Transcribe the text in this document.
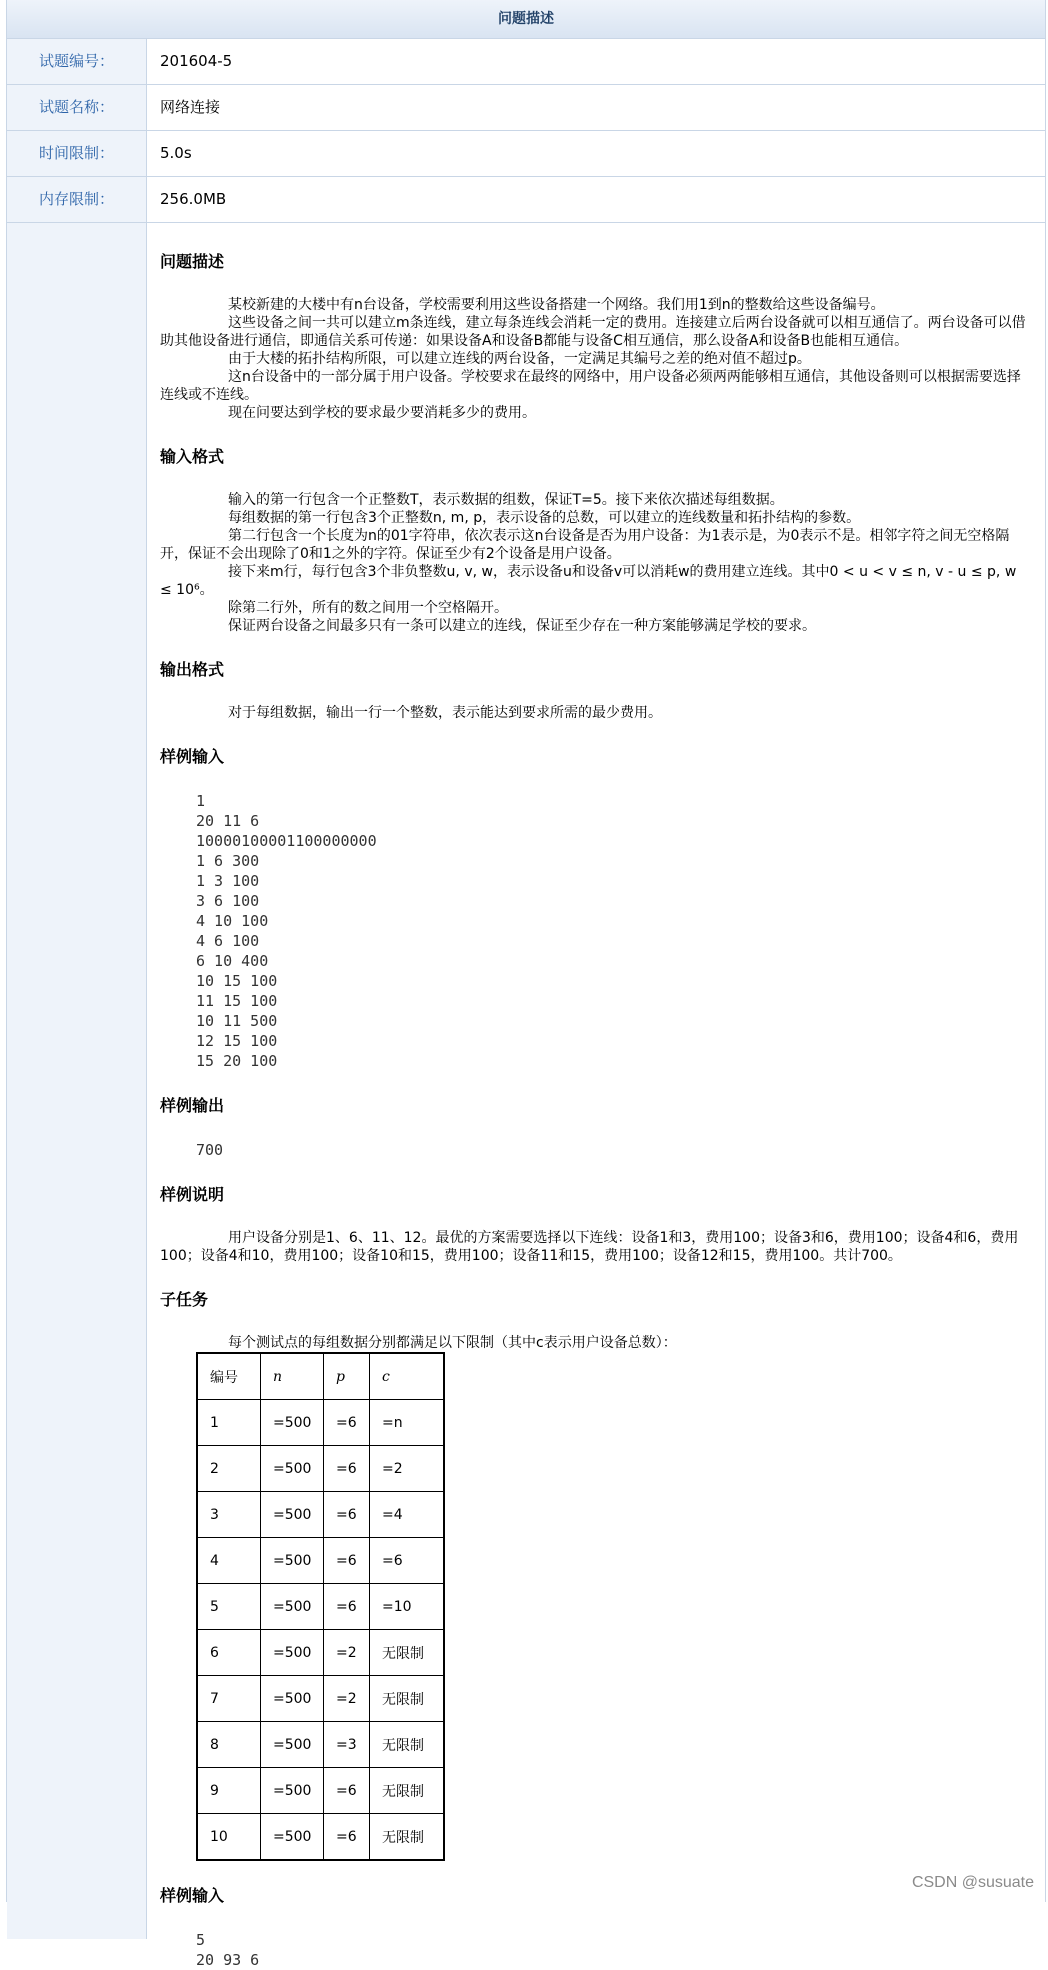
问题描述
试题编号：	201604-5
试题名称：	网络连接
时间限制：	5.0s
内存限制：	256.0MB
问题描述

某校新建的大楼中有n台设备，学校需要利用这些设备搭建一个网络。我们用1到n的整数给这些设备编号。

这些设备之间一共可以建立m条连线，建立每条连线会消耗一定的费用。连接建立后两台设备就可以相互通信了。两台设备可以借助其他设备进行通信，即通信关系可传递：如果设备A和设备B都能与设备C相互通信，那么设备A和设备B也能相互通信。

由于大楼的拓扑结构所限，可以建立连线的两台设备，一定满足其编号之差的绝对值不超过p。

这n台设备中的一部分属于用户设备。学校要求在最终的网络中，用户设备必须两两能够相互通信，其他设备则可以根据需要选择连线或不连线。

现在问要达到学校的要求最少要消耗多少的费用。

输入格式

输入的第一行包含一个正整数T，表示数据的组数，保证T=5。接下来依次描述每组数据。

每组数据的第一行包含3个正整数n, m, p，表示设备的总数，可以建立的连线数量和拓扑结构的参数。

第二行包含一个长度为n的01字符串，依次表示这n台设备是否为用户设备：为1表示是，为0表示不是。相邻字符之间无空格隔开，保证不会出现除了0和1之外的字符。保证至少有2个设备是用户设备。

接下来m行，每行包含3个非负整数u, v, w，表示设备u和设备v可以消耗w的费用建立连线。其中0 < u < v ≤ n, v - u ≤ p, w ≤ 10⁶。

除第二行外，所有的数之间用一个空格隔开。

保证两台设备之间最多只有一条可以建立的连线，保证至少存在一种方案能够满足学校的要求。

输出格式

对于每组数据，输出一行一个整数，表示能达到要求所需的最少费用。

样例输入
1
20 11 6
10000100001100000000
1 6 300
1 3 100
3 6 100
4 10 100
4 6 100
6 10 400
10 15 100
11 15 100
10 11 500
12 15 100
15 20 100
样例输出
700
样例说明

用户设备分别是1、6、11、12。最优的方案需要选择以下连线：设备1和3，费用100；设备3和6，费用100；设备4和6，费用100；设备4和10，费用100；设备10和15，费用100；设备11和15，费用100；设备12和15，费用100。共计700。

子任务

每个测试点的每组数据分别都满足以下限制（其中c表示用户设备总数）：

编号	n	p	c
1	=500	=6	=n
2	=500	=6	=2
3	=500	=6	=4
4	=500	=6	=6
5	=500	=6	=10
6	=500	=2	无限制
7	=500	=2	无限制
8	=500	=3	无限制
9	=500	=6	无限制
10	=500	=6	无限制
样例输入
5
20 93 6
CSDN @susuate
